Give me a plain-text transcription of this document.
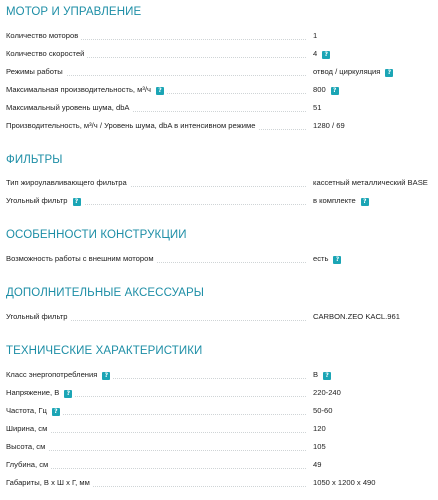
МОТОР И УПРАВЛЕНИЕ
Количество моторов	1
Количество скоростей	4 ?
Режимы работы	отвод / циркуляция ?
Максимальная производительность, м³/ч ?	800 ?
Максимальный уровень шума, dbA	51
Производительность, м³/ч / Уровень шума, dbA в интенсивном режиме	1280 / 69
ФИЛЬТРЫ
Тип жироулавливающего фильтра	кассетный металлический BASE
Угольный фильтр ?	в комплекте ?
ОСОБЕННОСТИ КОНСТРУКЦИИ
Возможность работы с внешним мотором	есть ?
ДОПОЛНИТЕЛЬНЫЕ АКСЕССУАРЫ
Угольный фильтр	CARBON.ZEO KACL.961
ТЕХНИЧЕСКИЕ ХАРАКТЕРИСТИКИ
Класс энергопотребления ?	B ?
Напряжение, В ?	220-240
Частота, Гц ?	50-60
Ширина, см	120
Высота, см	105
Глубина, см	49
Габариты, В x Ш x Г, мм	1050 x 1200 x 490
